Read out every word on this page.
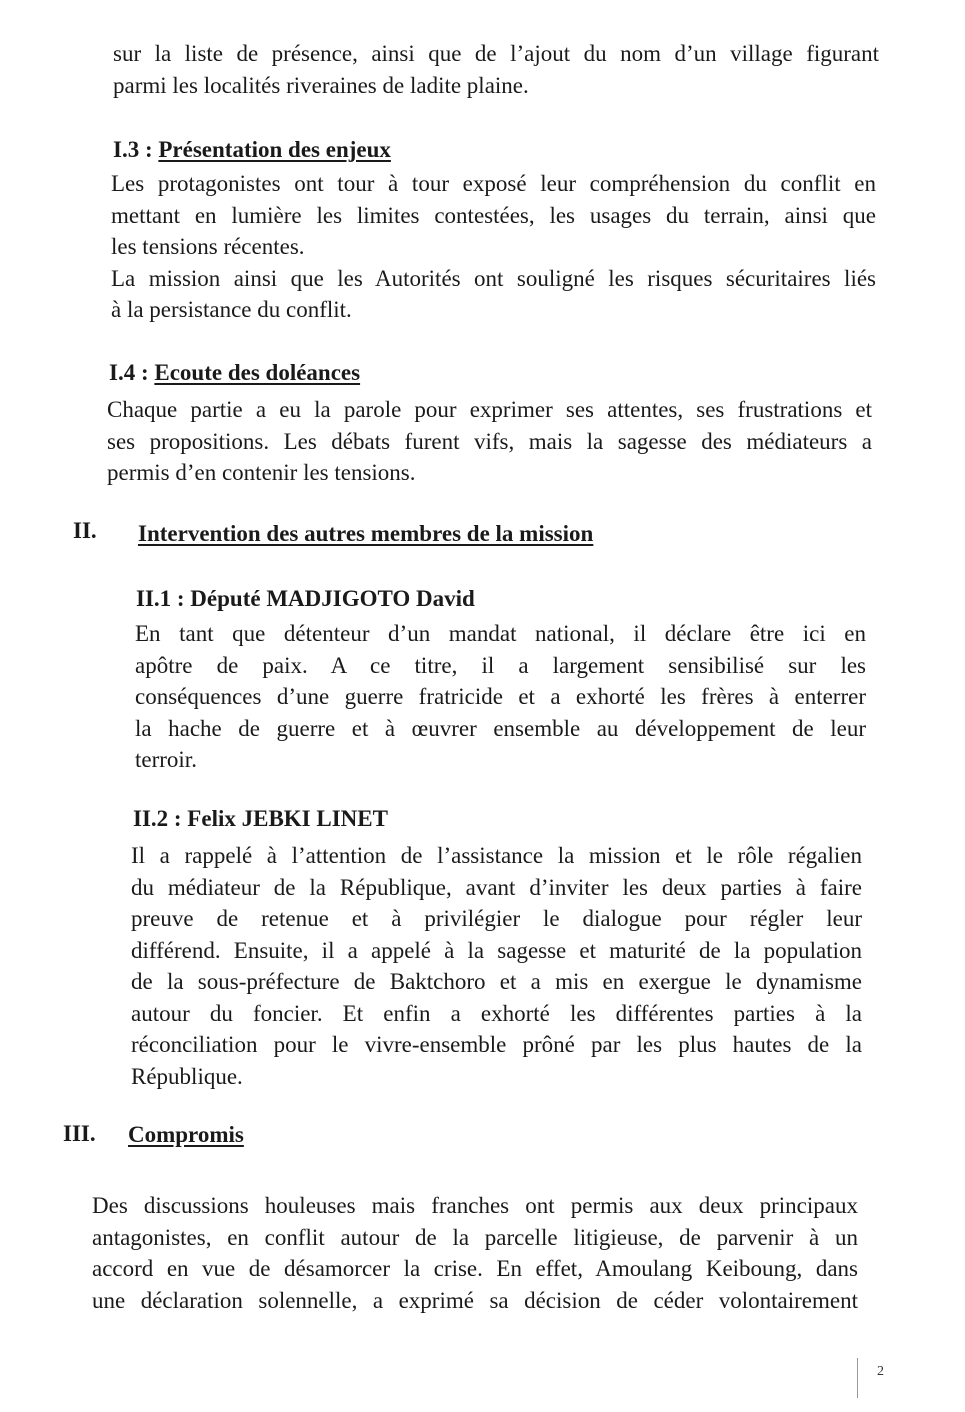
sur la liste de présence, ainsi que de l’ajout du nom d’un village figurant
parmi les localités riveraines de ladite plaine.
I.3 : Présentation des enjeux
Les protagonistes ont tour à tour exposé leur compréhension du conflit en
mettant en lumière les limites contestées, les usages du terrain, ainsi que
les tensions récentes.
La mission ainsi que les Autorités ont souligné les risques sécuritaires liés
à la persistance du conflit.
I.4 : Ecoute des doléances
Chaque partie a eu la parole pour exprimer ses attentes, ses frustrations et
ses propositions. Les débats furent vifs, mais la sagesse des médiateurs a
permis d’en contenir les tensions.
II. Intervention des autres membres de la mission
II.1 : Député MADJIGOTO David
En tant que détenteur d’un mandat national, il déclare être ici en
apôtre de paix. A ce titre, il a largement sensibilisé sur les
conséquences d’une guerre fratricide et a exhorté les frères à enterrer
la hache de guerre et à œuvrer ensemble au développement de leur
terroir.
II.2 : Felix JEBKI LINET
Il a rappelé à l’attention de l’assistance la mission et le rôle régalien
du médiateur de la République, avant d’inviter les deux parties à faire
preuve de retenue et à privilégier le dialogue pour régler leur
différend. Ensuite, il a appelé à la sagesse et maturité de la population
de la sous-préfecture de Baktchoro et a mis en exergue le dynamisme
autour du foncier. Et enfin a exhorté les différentes parties à la
réconciliation pour le vivre-ensemble prôné par les plus hautes de la
République.
III. Compromis
Des discussions houleuses mais franches ont permis aux deux principaux
antagonistes, en conflit autour de la parcelle litigieuse, de parvenir à un
accord en vue de désamorcer la crise. En effet, Amoulang Keiboung, dans
une déclaration solennelle, a exprimé sa décision de céder volontairement
2
